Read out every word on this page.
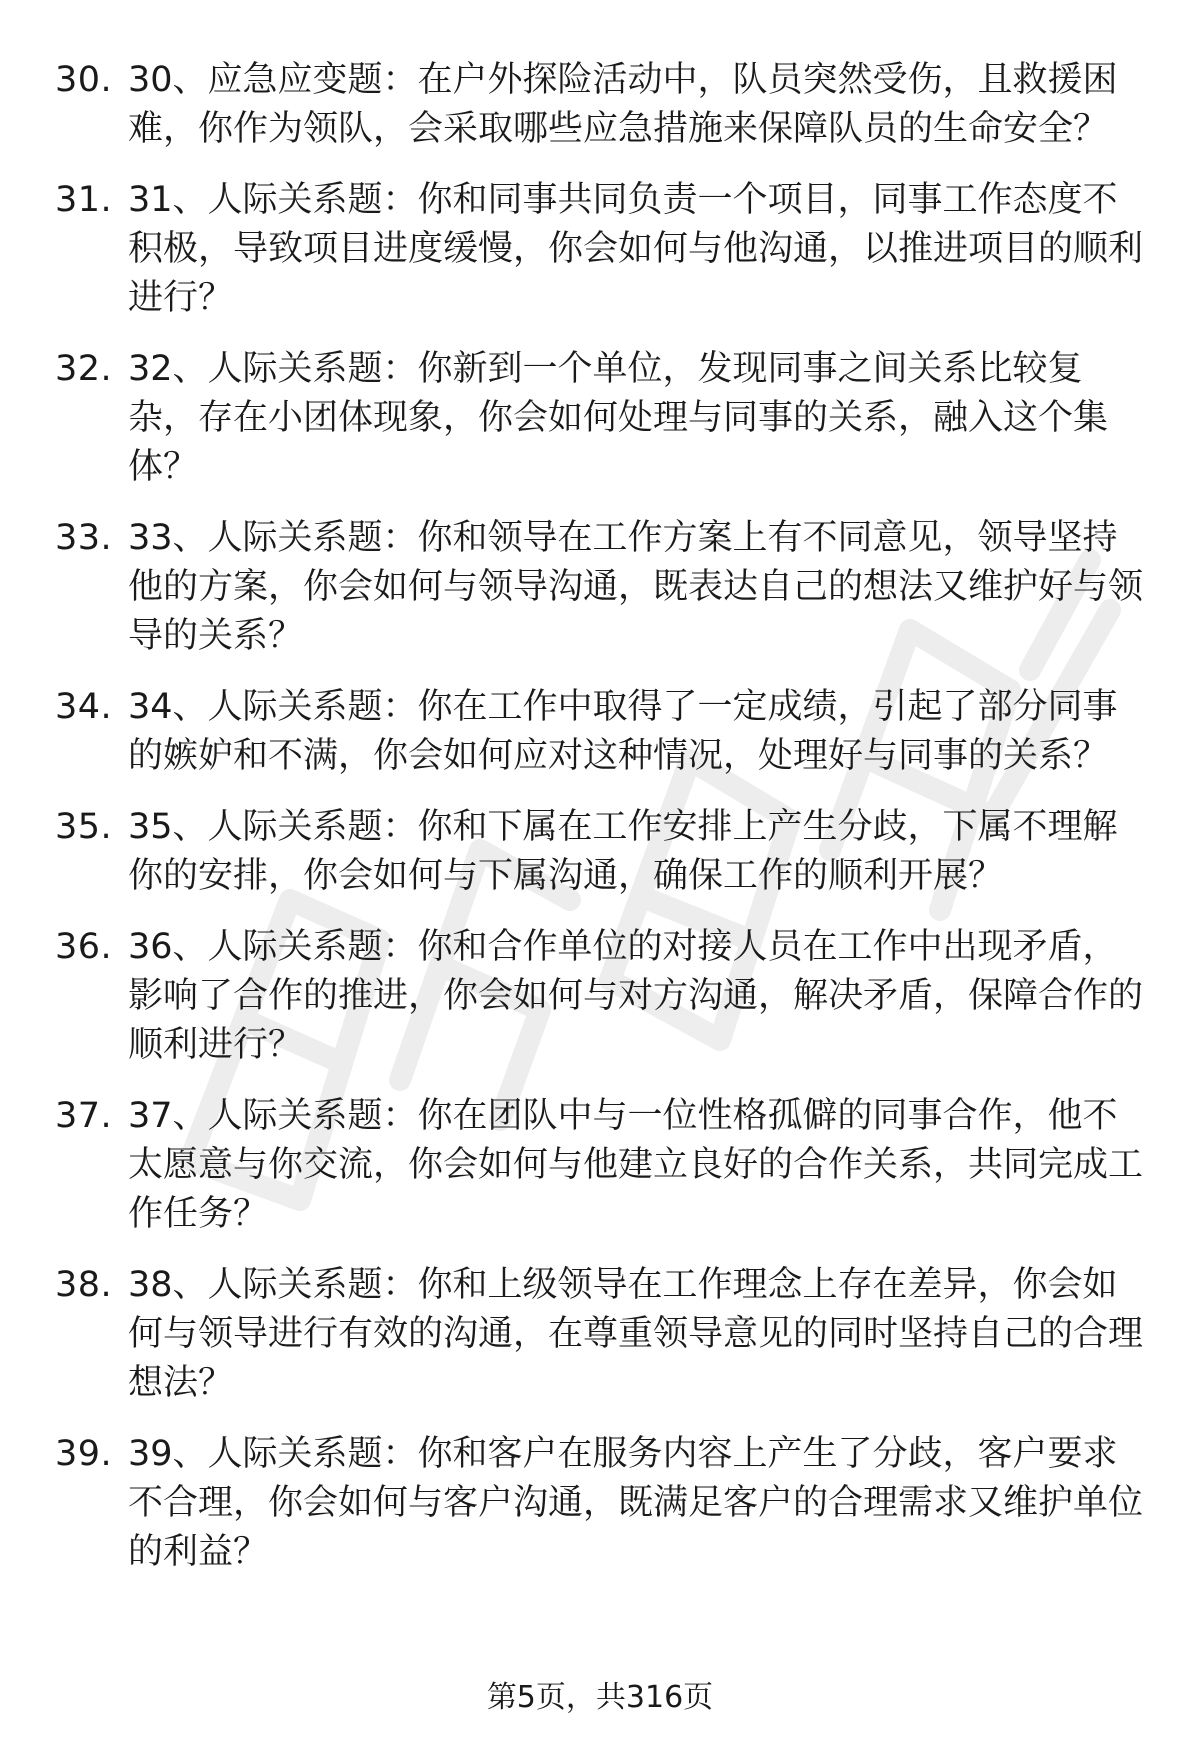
30. 30、应急应变题：在户外探险活动中，队员突然受伤，且救援困难，你作为领队，会采取哪些应急措施来保障队员的生命安全？
31. 31、人际关系题：你和同事共同负责一个项目，同事工作态度不积极，导致项目进度缓慢，你会如何与他沟通，以推进项目的顺利进行？
32. 32、人际关系题：你新到一个单位，发现同事之间关系比较复杂，存在小团体现象，你会如何处理与同事的关系，融入这个集体？
33. 33、人际关系题：你和领导在工作方案上有不同意见，领导坚持他的方案，你会如何与领导沟通，既表达自己的想法又维护好与领导的关系？
34. 34、人际关系题：你在工作中取得了一定成绩，引起了部分同事的嫉妒和不满，你会如何应对这种情况，处理好与同事的关系？
35. 35、人际关系题：你和下属在工作安排上产生分歧，下属不理解你的安排，你会如何与下属沟通，确保工作的顺利开展？
36. 36、人际关系题：你和合作单位的对接人员在工作中出现矛盾，影响了合作的推进，你会如何与对方沟通，解决矛盾，保障合作的顺利进行？
37. 37、人际关系题：你在团队中与一位性格孤僻的同事合作，他不太愿意与你交流，你会如何与他建立良好的合作关系，共同完成工作任务？
38. 38、人际关系题：你和上级领导在工作理念上存在差异，你会如何与领导进行有效的沟通，在尊重领导意见的同时坚持自己的合理想法？
39. 39、人际关系题：你和客户在服务内容上产生了分歧，客户要求不合理，你会如何与客户沟通，既满足客户的合理需求又维护单位的利益？
第5页，共316页
